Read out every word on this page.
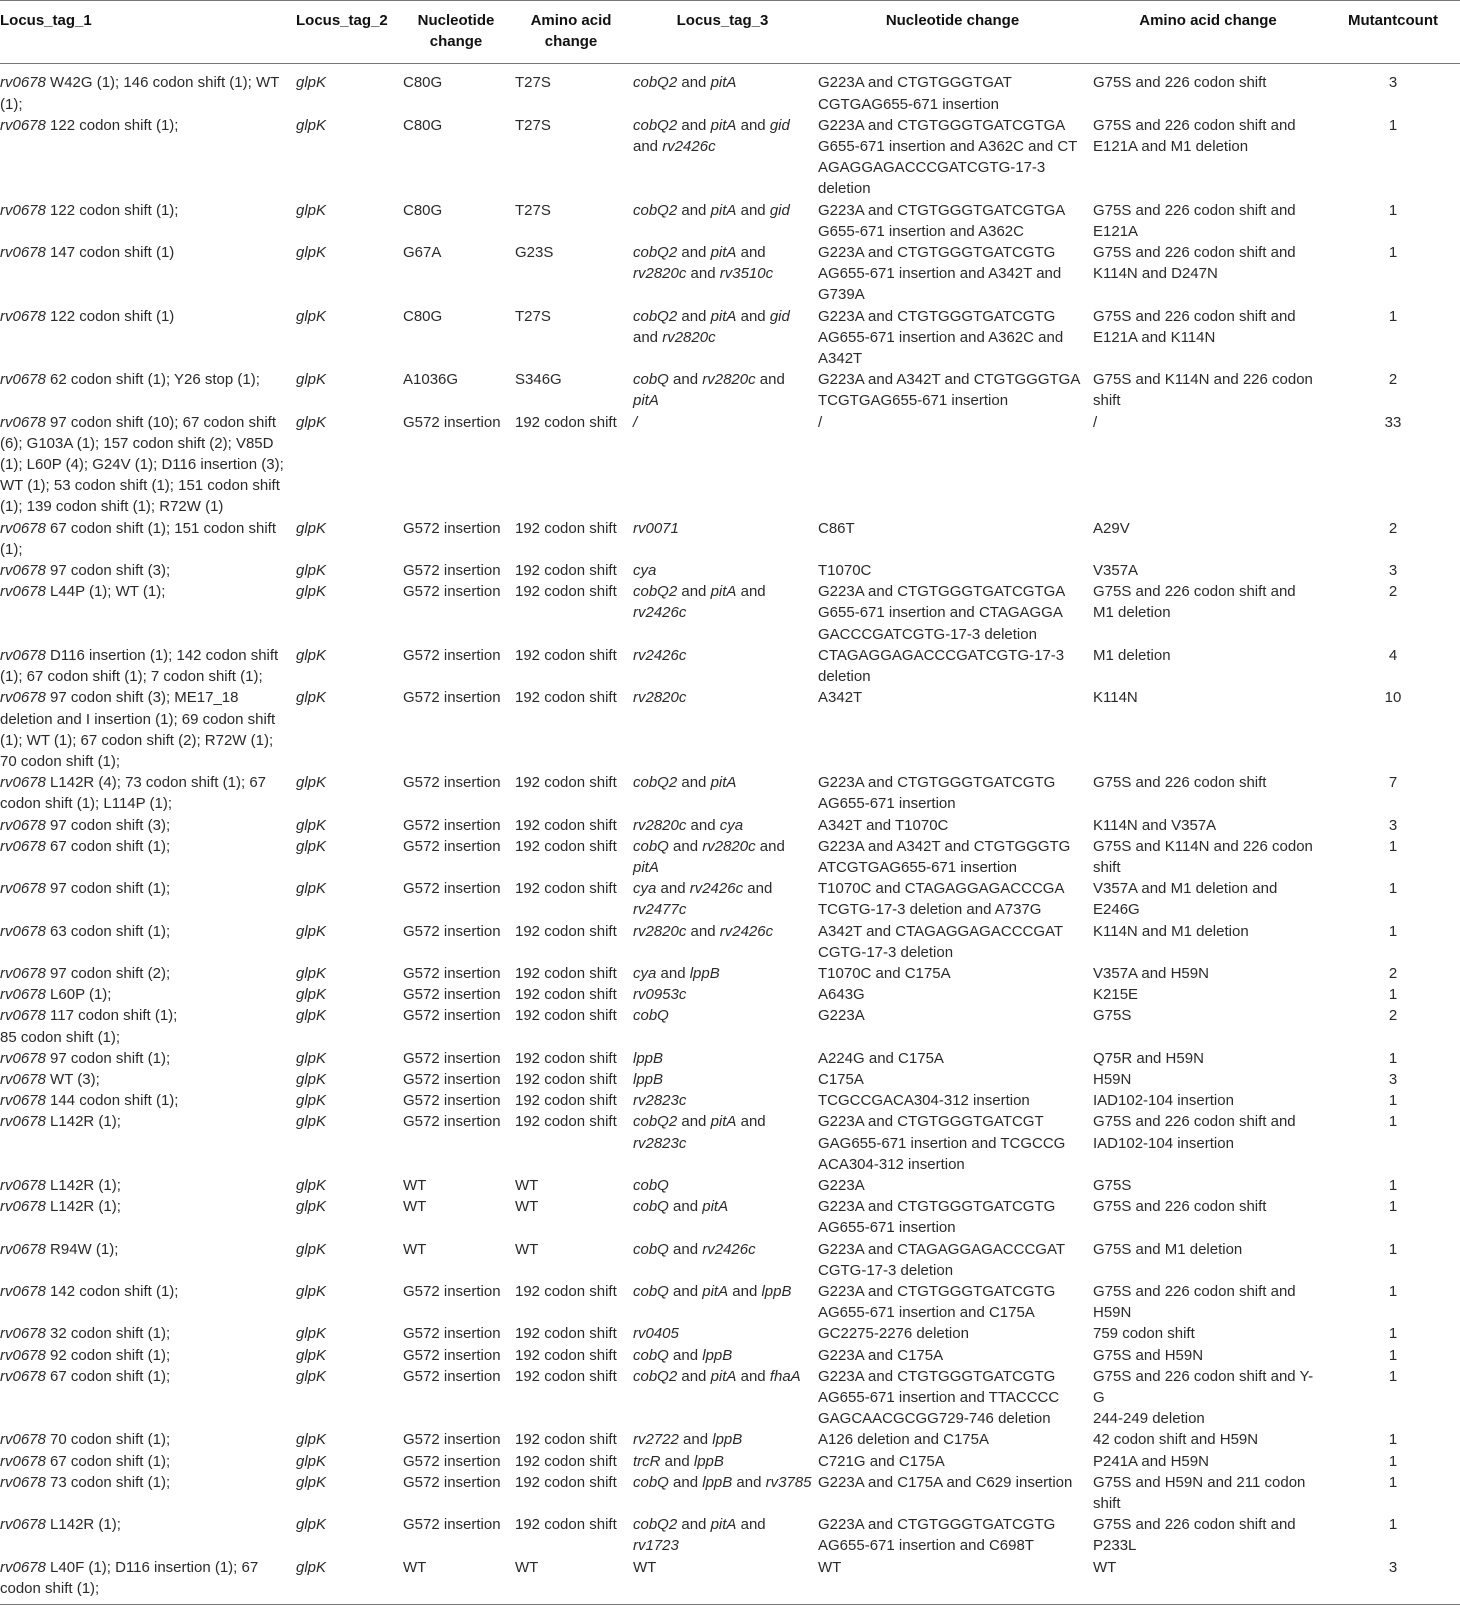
Locus_tag_1	Locus_tag_2	Nucleotide change	Amino acid change	Locus_tag_3	Nucleotide change	Amino acid change	Mutantcount
rv0678 W42G (1); 146 codon shift (1); WT (1);	glpK	C80G	T27S	cobQ2 and pitA	G223A and CTGTGGGTGAT
CGTGAG655-671 insertion	G75S and 226 codon shift	3
rv0678 122 codon shift (1);	glpK	C80G	T27S	cobQ2 and pitA and gid and rv2426c	G223A and CTGTGGGTGATCGTGA
G655-671 insertion and A362C and CT
AGAGGAGACCCGATCGTG-17-3
deletion	G75S and 226 codon shift and
E121A and M1 deletion	1
rv0678 122 codon shift (1);	glpK	C80G	T27S	cobQ2 and pitA and gid	G223A and CTGTGGGTGATCGTGA
G655-671 insertion and A362C	G75S and 226 codon shift and
E121A	1
rv0678 147 codon shift (1)	glpK	G67A	G23S	cobQ2 and pitA and rv2820c and rv3510c	G223A and CTGTGGGTGATCGTG
AG655-671 insertion and A342T and
G739A	G75S and 226 codon shift and
K114N and D247N	1
rv0678 122 codon shift (1)	glpK	C80G	T27S	cobQ2 and pitA and gid and rv2820c	G223A and CTGTGGGTGATCGTG
AG655-671 insertion and A362C and
A342T	G75S and 226 codon shift and
E121A and K114N	1
rv0678 62 codon shift (1); Y26 stop (1);	glpK	A1036G	S346G	cobQ and rv2820c and pitA	G223A and A342T and CTGTGGGTGA
TCGTGAG655-671 insertion	G75S and K114N and 226 codon
shift	2
rv0678 97 codon shift (10); 67 codon shift (6); G103A (1); 157 codon shift (2); V85D (1); L60P (4); G24V (1); D116 insertion (3); WT (1); 53 codon shift (1); 151 codon shift (1); 139 codon shift (1); R72W (1)	glpK	G572 insertion	192 codon shift	/	/	/	33
rv0678 67 codon shift (1); 151 codon shift (1);	glpK	G572 insertion	192 codon shift	rv0071	C86T	A29V	2
rv0678 97 codon shift (3);	glpK	G572 insertion	192 codon shift	cya	T1070C	V357A	3
rv0678 L44P (1); WT (1);	glpK	G572 insertion	192 codon shift	cobQ2 and pitA and rv2426c	G223A and CTGTGGGTGATCGTGA
G655-671 insertion and CTAGAGGA
GACCCGATCGTG-17-3 deletion	G75S and 226 codon shift and
M1 deletion	2
rv0678 D116 insertion (1); 142 codon shift (1); 67 codon shift (1); 7 codon shift (1);	glpK	G572 insertion	192 codon shift	rv2426c	CTAGAGGAGACCCGATCGTG-17-3
deletion	M1 deletion	4
rv0678 97 codon shift (3); ME17_18 deletion and I insertion (1); 69 codon shift (1); WT (1); 67 codon shift (2); R72W (1); 70 codon shift (1);	glpK	G572 insertion	192 codon shift	rv2820c	A342T	K114N	10
rv0678 L142R (4); 73 codon shift (1); 67 codon shift (1); L114P (1);	glpK	G572 insertion	192 codon shift	cobQ2 and pitA	G223A and CTGTGGGTGATCGTG
AG655-671 insertion	G75S and 226 codon shift	7
rv0678 97 codon shift (3);	glpK	G572 insertion	192 codon shift	rv2820c and cya	A342T and T1070C	K114N and V357A	3
rv0678 67 codon shift (1);	glpK	G572 insertion	192 codon shift	cobQ and rv2820c and pitA	G223A and A342T and CTGTGGGTG
ATCGTGAG655-671 insertion	G75S and K114N and 226 codon
shift	1
rv0678 97 codon shift (1);	glpK	G572 insertion	192 codon shift	cya and rv2426c and rv2477c	T1070C and CTAGAGGAGACCCGA
TCGTG-17-3 deletion and A737G	V357A and M1 deletion and
E246G	1
rv0678 63 codon shift (1);	glpK	G572 insertion	192 codon shift	rv2820c and rv2426c	A342T and CTAGAGGAGACCCGAT
CGTG-17-3 deletion	K114N and M1 deletion	1
rv0678 97 codon shift (2);	glpK	G572 insertion	192 codon shift	cya and lppB	T1070C and C175A	V357A and H59N	2
rv0678 L60P (1);	glpK	G572 insertion	192 codon shift	rv0953c	A643G	K215E	1
rv0678 117 codon shift (1);
85 codon shift (1);	glpK	G572 insertion	192 codon shift	cobQ	G223A	G75S	2
rv0678 97 codon shift (1);	glpK	G572 insertion	192 codon shift	lppB	A224G and C175A	Q75R and H59N	1
rv0678 WT (3);	glpK	G572 insertion	192 codon shift	lppB	C175A	H59N	3
rv0678 144 codon shift (1);	glpK	G572 insertion	192 codon shift	rv2823c	TCGCCGACA304-312 insertion	IAD102-104 insertion	1
rv0678 L142R (1);	glpK	G572 insertion	192 codon shift	cobQ2 and pitA and rv2823c	G223A and CTGTGGGTGATCGT
GAG655-671 insertion and TCGCCG
ACA304-312 insertion	G75S and 226 codon shift and
IAD102-104 insertion	1
rv0678 L142R (1);	glpK	WT	WT	cobQ	G223A	G75S	1
rv0678 L142R (1);	glpK	WT	WT	cobQ and pitA	G223A and CTGTGGGTGATCGTG
AG655-671 insertion	G75S and 226 codon shift	1
rv0678 R94W (1);	glpK	WT	WT	cobQ and rv2426c	G223A and CTAGAGGAGACCCGAT
CGTG-17-3 deletion	G75S and M1 deletion	1
rv0678 142 codon shift (1);	glpK	G572 insertion	192 codon shift	cobQ and pitA and lppB	G223A and CTGTGGGTGATCGTG
AG655-671 insertion and C175A	G75S and 226 codon shift and
H59N	1
rv0678 32 codon shift (1);	glpK	G572 insertion	192 codon shift	rv0405	GC2275-2276 deletion	759 codon shift	1
rv0678 92 codon shift (1);	glpK	G572 insertion	192 codon shift	cobQ and lppB	G223A and C175A	G75S and H59N	1
rv0678 67 codon shift (1);	glpK	G572 insertion	192 codon shift	cobQ2 and pitA and fhaA	G223A and CTGTGGGTGATCGTG
AG655-671 insertion and TTACCCC
GAGCAACGCGG729-746 deletion	G75S and 226 codon shift and Y-
G
244-249 deletion	1
rv0678 70 codon shift (1);	glpK	G572 insertion	192 codon shift	rv2722 and lppB	A126 deletion and C175A	42 codon shift and H59N	1
rv0678 67 codon shift (1);	glpK	G572 insertion	192 codon shift	trcR and lppB	C721G and C175A	P241A and H59N	1
rv0678 73 codon shift (1);	glpK	G572 insertion	192 codon shift	cobQ and lppB and rv3785	G223A and C175A and C629 insertion	G75S and H59N and 211 codon
shift	1
rv0678 L142R (1);	glpK	G572 insertion	192 codon shift	cobQ2 and pitA and rv1723	G223A and CTGTGGGTGATCGTG
AG655-671 insertion and C698T	G75S and 226 codon shift and
P233L	1
rv0678 L40F (1); D116 insertion (1); 67 codon shift (1);	glpK	WT	WT	WT	WT	WT	3
